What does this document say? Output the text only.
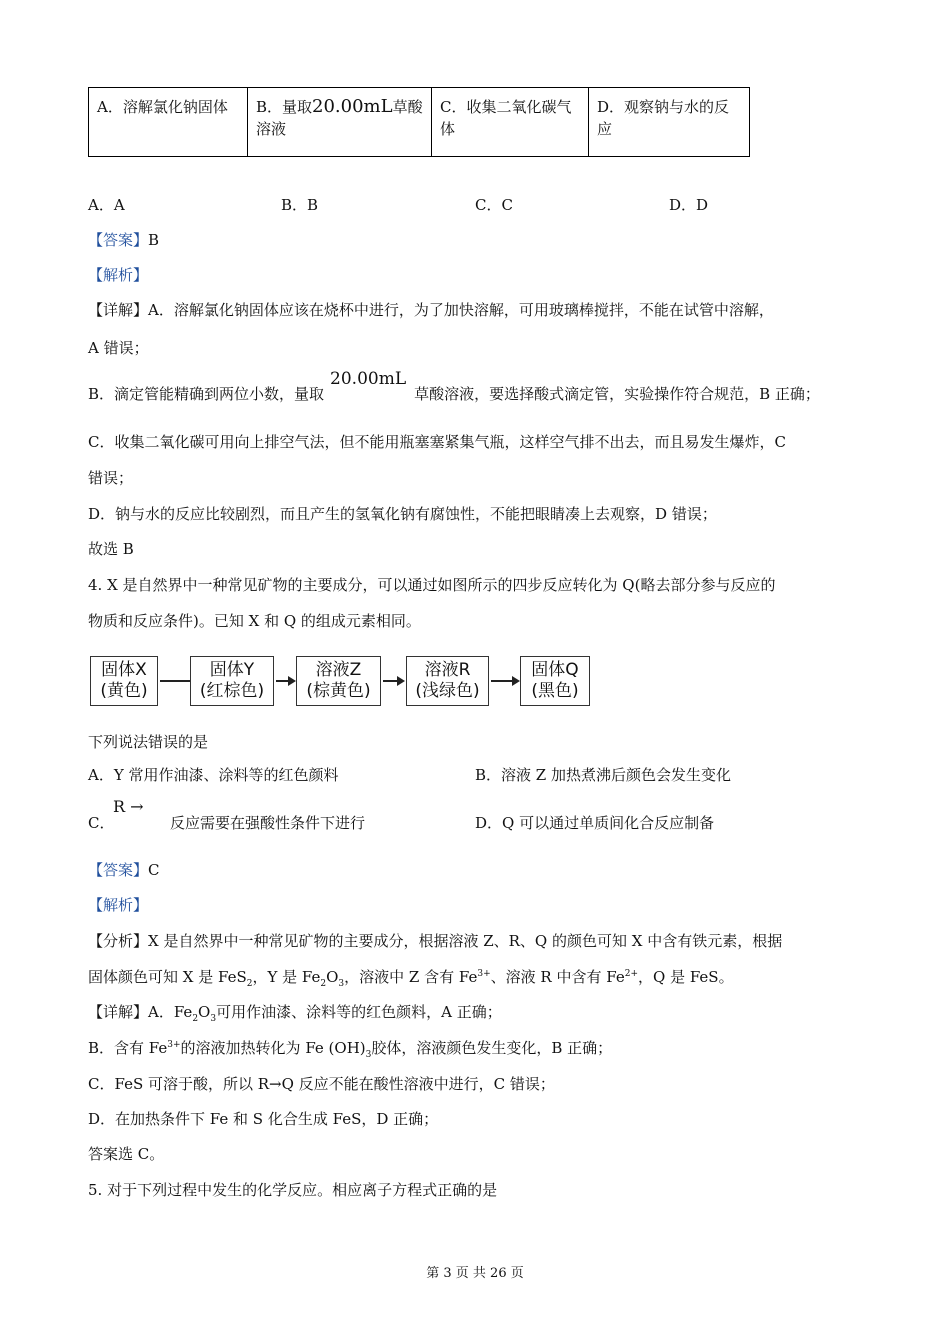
A．溶解氯化钠固体	B．量取20.00mL草酸溶液	C．收集二氧化碳气体	D．观察钠与水的反应
A．A	B．B	C．C	D．D
【答案】B
【解析】
【详解】A．溶解氯化钠固体应该在烧杯中进行，为了加快溶解，可用玻璃棒搅拌，不能在试管中溶解，
A 错误；
B．滴定管能精确到两位小数，量取20.00mL草酸溶液，要选择酸式滴定管，实验操作符合规范，B 正确；
C．收集二氧化碳可用向上排空气法，但不能用瓶塞塞紧集气瓶，这样空气排不出去，而且易发生爆炸，C
错误；
D．钠与水的反应比较剧烈，而且产生的氢氧化钠有腐蚀性，不能把眼睛凑上去观察，D 错误；
故选 B
4. X 是自然界中一种常见矿物的主要成分，可以通过如图所示的四步反应转化为 Q(略去部分参与反应的
物质和反应条件)。已知 X 和 Q 的组成元素相同。
固体X
(黄色)
固体Y
(红棕色)
溶液Z
(棕黄色)
溶液R
(浅绿色)
固体Q
(黑色)
下列说法错误的是
A．Y 常用作油漆、涂料等的红色颜料	B．溶液 Z 加热煮沸后颜色会发生变化
C．
R →
反应需要在强酸性条件下进行	D．Q 可以通过单质间化合反应制备
【答案】C
【解析】
【分析】X 是自然界中一种常见矿物的主要成分，根据溶液 Z、R、Q 的颜色可知 X 中含有铁元素，根据
固体颜色可知 X 是 FeS$_2$，Y 是 $Fe_2O_3$，溶液中 Z 含有 $Fe^{3+}$、溶液 R 中含有 $Fe^{2+}$，Q 是 FeS。
【详解】A．$Fe_2O_3$可用作油漆、涂料等的红色颜料，A 正确；
B．含有 $Fe^{3+}$的溶液加热转化为 Fe $(OH)_3$胶体，溶液颜色发生变化，B 正确；
C．FeS 可溶于酸，所以 R→Q 反应不能在酸性溶液中进行，C 错误；
D．在加热条件下 Fe 和 S 化合生成 FeS，D 正确；
答案选 C。
5. 对于下列过程中发生的化学反应。相应离子方程式正确的是
第 3 页 共 26 页
